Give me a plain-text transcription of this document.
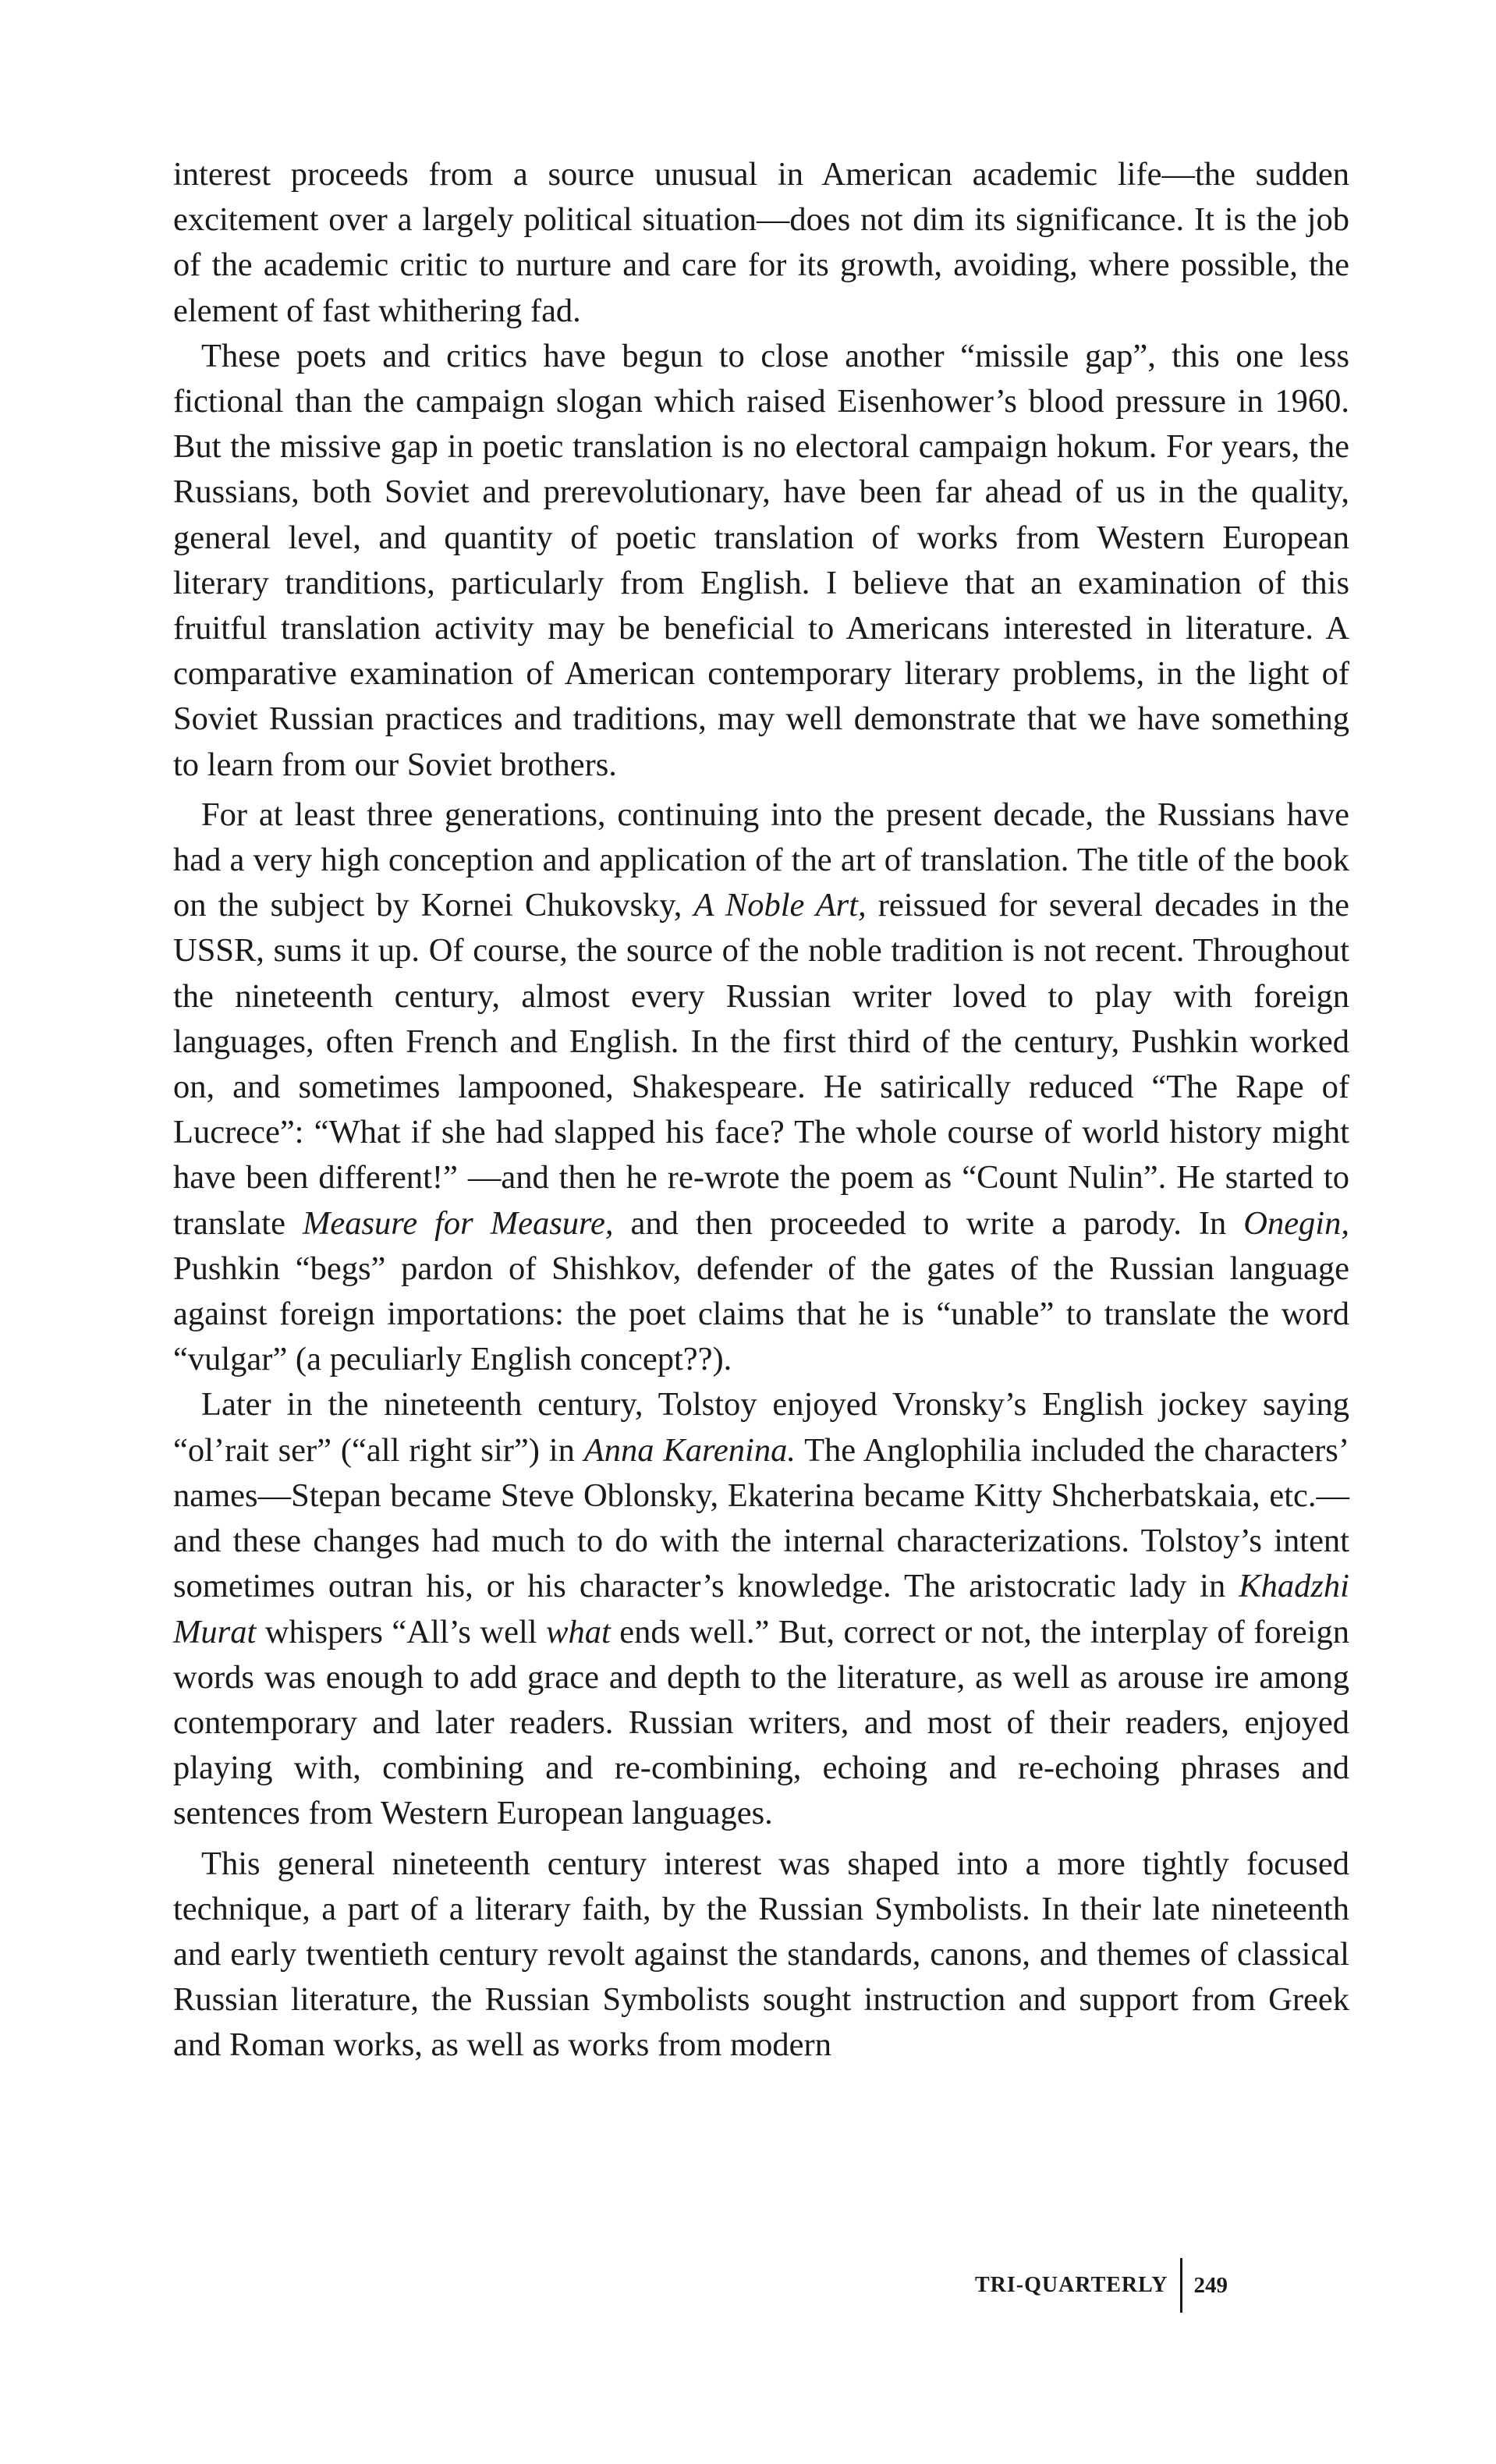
interest proceeds from a source unusual in American academic life—the sudden excitement over a largely political situation—does not dim its significance. It is the job of the academic critic to nurture and care for its growth, avoiding, where possible, the element of fast whithering fad.

These poets and critics have begun to close another “missile gap”, this one less fictional than the campaign slogan which raised Eisenhower’s blood pressure in 1960. But the missive gap in poetic translation is no electoral campaign hokum. For years, the Russians, both Soviet and prerevolutionary, have been far ahead of us in the quality, general level, and quantity of poetic translation of works from Western European literary tranditions, particularly from English. I believe that an examination of this fruitful translation activity may be beneficial to Americans interested in literature. A comparative examination of American contemporary literary problems, in the light of Soviet Russian practices and traditions, may well demonstrate that we have something to learn from our Soviet brothers.

For at least three generations, continuing into the present decade, the Russians have had a very high conception and application of the art of translation. The title of the book on the subject by Kornei Chukovsky, A Noble Art, reissued for several decades in the USSR, sums it up. Of course, the source of the noble tradition is not recent. Throughout the nineteenth century, almost every Russian writer loved to play with foreign languages, often French and English. In the first third of the century, Pushkin worked on, and sometimes lampooned, Shakespeare. He satirically reduced “The Rape of Lucrece”: “What if she had slapped his face? The whole course of world history might have been different!” —and then he re-wrote the poem as “Count Nulin”. He started to translate Measure for Measure, and then proceeded to write a parody. In Onegin, Pushkin “begs” pardon of Shishkov, defender of the gates of the Russian language against foreign importations: the poet claims that he is “unable” to translate the word “vulgar” (a peculiarly English concept??).

Later in the nineteenth century, Tolstoy enjoyed Vronsky’s English jockey saying “ol’rait ser” (“all right sir”) in Anna Karenina. The Anglophilia included the characters’ names—Stepan became Steve Oblonsky, Ekaterina became Kitty Shcherbatskaia, etc.—and these changes had much to do with the internal characterizations. Tolstoy’s intent sometimes outran his, or his character’s knowledge. The aristocratic lady in Khadzhi Murat whispers “All’s well what ends well.” But, correct or not, the interplay of foreign words was enough to add grace and depth to the literature, as well as arouse ire among contemporary and later readers. Russian writers, and most of their readers, enjoyed playing with, combining and re-combining, echoing and re-echoing phrases and sentences from Western European languages.

This general nineteenth century interest was shaped into a more tightly focused technique, a part of a literary faith, by the Russian Symbolists. In their late nineteenth and early twentieth century revolt against the standards, canons, and themes of classical Russian literature, the Russian Symbolists sought instruction and support from Greek and Roman works, as well as works from modern

TRI-QUARTERLY	249
